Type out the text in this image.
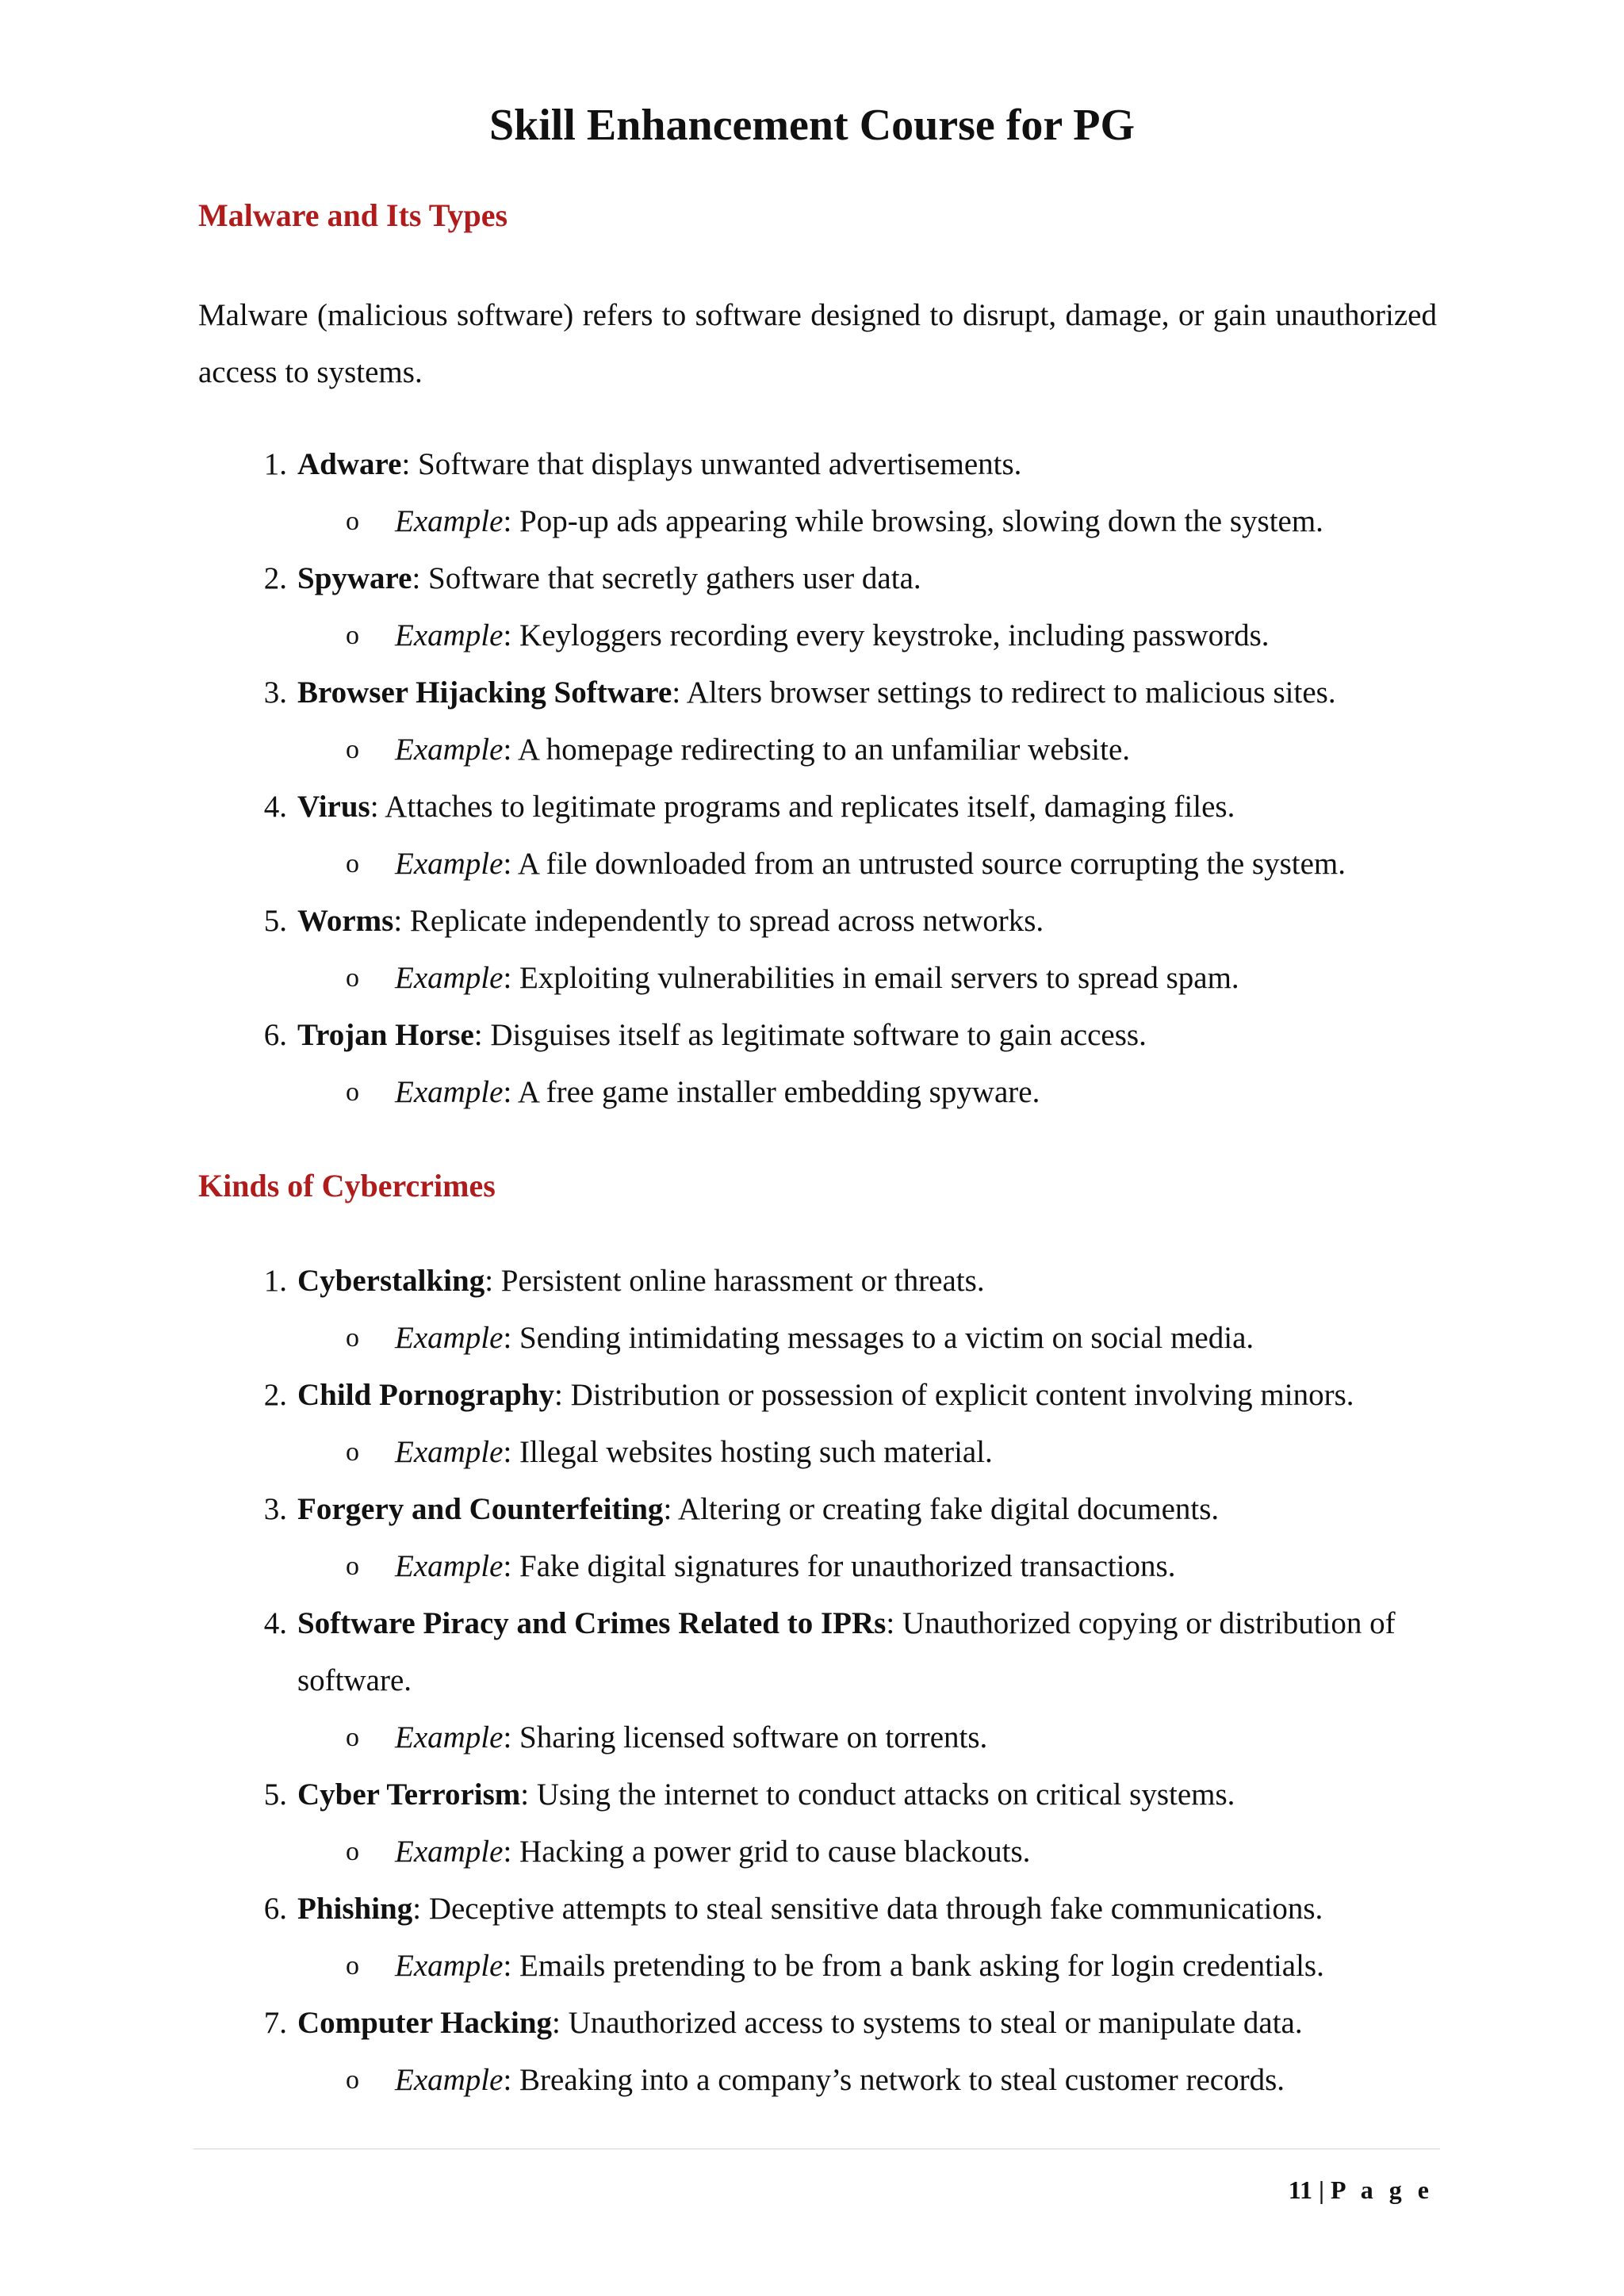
Skill Enhancement Course for PG
Malware and Its Types

Malware (malicious software) refers to software designed to disrupt, damage, or gain unauthorized access to systems.

1. Adware: Software that displays unwanted advertisements.
o Example: Pop-up ads appearing while browsing, slowing down the system.
2. Spyware: Software that secretly gathers user data.
o Example: Keyloggers recording every keystroke, including passwords.
3. Browser Hijacking Software: Alters browser settings to redirect to malicious sites.
o Example: A homepage redirecting to an unfamiliar website.
4. Virus: Attaches to legitimate programs and replicates itself, damaging files.
o Example: A file downloaded from an untrusted source corrupting the system.
5. Worms: Replicate independently to spread across networks.
o Example: Exploiting vulnerabilities in email servers to spread spam.
6. Trojan Horse: Disguises itself as legitimate software to gain access.
o Example: A free game installer embedding spyware.
Kinds of Cybercrimes
1. Cyberstalking: Persistent online harassment or threats.
o Example: Sending intimidating messages to a victim on social media.
2. Child Pornography: Distribution or possession of explicit content involving minors.
o Example: Illegal websites hosting such material.
3. Forgery and Counterfeiting: Altering or creating fake digital documents.
o Example: Fake digital signatures for unauthorized transactions.
4. Software Piracy and Crimes Related to IPRs: Unauthorized copying or distribution of software.
o Example: Sharing licensed software on torrents.
5. Cyber Terrorism: Using the internet to conduct attacks on critical systems.
o Example: Hacking a power grid to cause blackouts.
6. Phishing: Deceptive attempts to steal sensitive data through fake communications.
o Example: Emails pretending to be from a bank asking for login credentials.
7. Computer Hacking: Unauthorized access to systems to steal or manipulate data.
o Example: Breaking into a company’s network to steal customer records.
11 | P a g e
